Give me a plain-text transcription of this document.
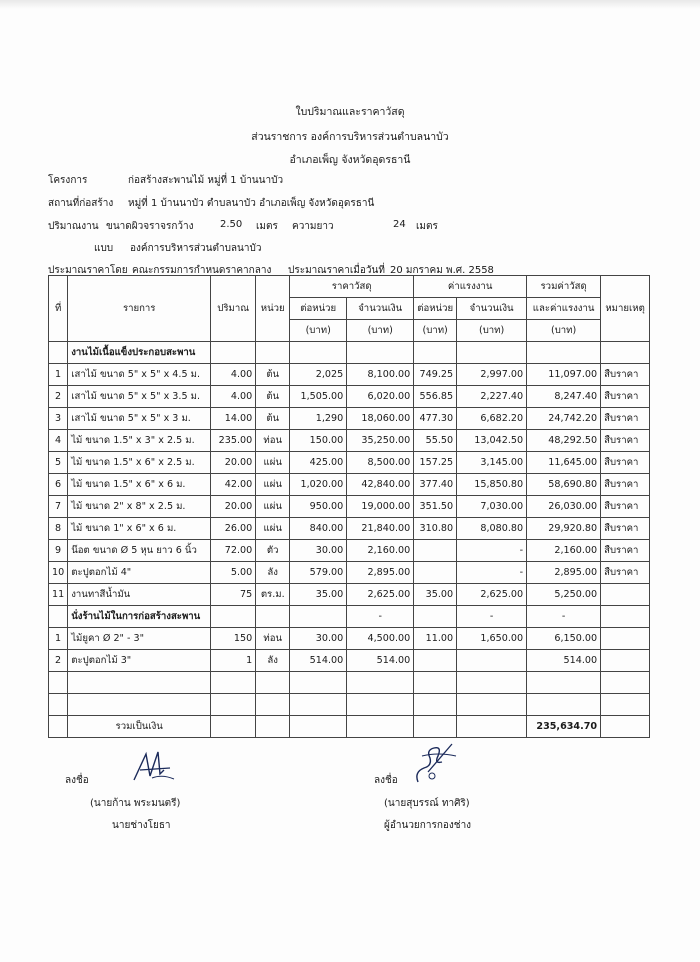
ใบปริมาณและราคาวัสดุ
ส่วนราชการ องค์การบริหารส่วนตำบลนาบัว
อำเภอเพ็ญ จังหวัดอุดรธานี
โครงการ	ก่อสร้างสะพานไม้ หมู่ที่ 1 บ้านนาบัว
สถานที่ก่อสร้าง หมู่ที่ 1 บ้านนาบัว ตำบลนาบัว อำเภอเพ็ญ จังหวัดอุดรธานี
ปริมาณงาน ขนาดผิวจราจรกว้าง	2.50 เมตร ความยาว	24 เมตร
แบบ องค์การบริหารส่วนตำบลนาบัว
ประมาณราคาโดย คณะกรรมการกำหนดราคากลาง ประมาณราคาเมื่อวันที่ 20 มกราคม พ.ศ. 2558
ที่	รายการ	ปริมาณ	หน่วย	ราคาวัสดุ		ค่าแรงงาน		รวมค่าวัสดุ	หมายเหตุ
				ต่อหน่วย	จำนวนเงิน	ต่อหน่วย	จำนวนเงิน	และค่าแรงงาน	
				(บาท)	(บาท)	(บาท)	(บาท)	(บาท)	
	งานไม้เนื้อแข็งประกอบสะพาน								
1	เสาไม้ ขนาด 5" x 5" x 4.5 ม.	4.00	ต้น	2,025	8,100.00	749.25	2,997.00	11,097.00	สืบราคา
2	เสาไม้ ขนาด 5" x 5" x 3.5 ม.	4.00	ต้น	1,505.00	6,020.00	556.85	2,227.40	8,247.40	สืบราคา
3	เสาไม้ ขนาด 5" x 5" x 3 ม.	14.00	ต้น	1,290	18,060.00	477.30	6,682.20	24,742.20	สืบราคา
4	ไม้ ขนาด 1.5" x 3" x 2.5 ม.	235.00	ท่อน	150.00	35,250.00	55.50	13,042.50	48,292.50	สืบราคา
5	ไม้ ขนาด 1.5" x 6" x 2.5 ม.	20.00	แผ่น	425.00	8,500.00	157.25	3,145.00	11,645.00	สืบราคา
6	ไม้ ขนาด 1.5" x 6" x 6 ม.	42.00	แผ่น	1,020.00	42,840.00	377.40	15,850.80	58,690.80	สืบราคา
7	ไม้ ขนาด 2" x 8" x 2.5 ม.	20.00	แผ่น	950.00	19,000.00	351.50	7,030.00	26,030.00	สืบราคา
8	ไม้ ขนาด 1" x 6" x 6 ม.	26.00	แผ่น	840.00	21,840.00	310.80	8,080.80	29,920.80	สืบราคา
9	น๊อต ขนาด Ø 5 หุน ยาว 6 นิ้ว	72.00	ตัว	30.00	2,160.00		-	2,160.00	สืบราคา
10	ตะปูตอกไม้ 4"	5.00	ลัง	579.00	2,895.00		-	2,895.00	สืบราคา
11	งานทาสีน้ำมัน	75	ตร.ม.	35.00	2,625.00	35.00	2,625.00	5,250.00	
	นั่งร้านไม้ในการก่อสร้างสะพาน				-		-	-	
1	ไม้ยูคา Ø 2" - 3"	150	ท่อน	30.00	4,500.00	11.00	1,650.00	6,150.00	
2	ตะปูตอกไม้ 3"	1	ลัง	514.00	514.00			514.00	

	รวมเป็นเงิน							235,634.70	
ลงชื่อ
(นายก้าน พระมนตรี)
นายช่างโยธา
ลงชื่อ
(นายสุบรรณ์ ทาศิริ)
ผู้อำนวยการกองช่าง
